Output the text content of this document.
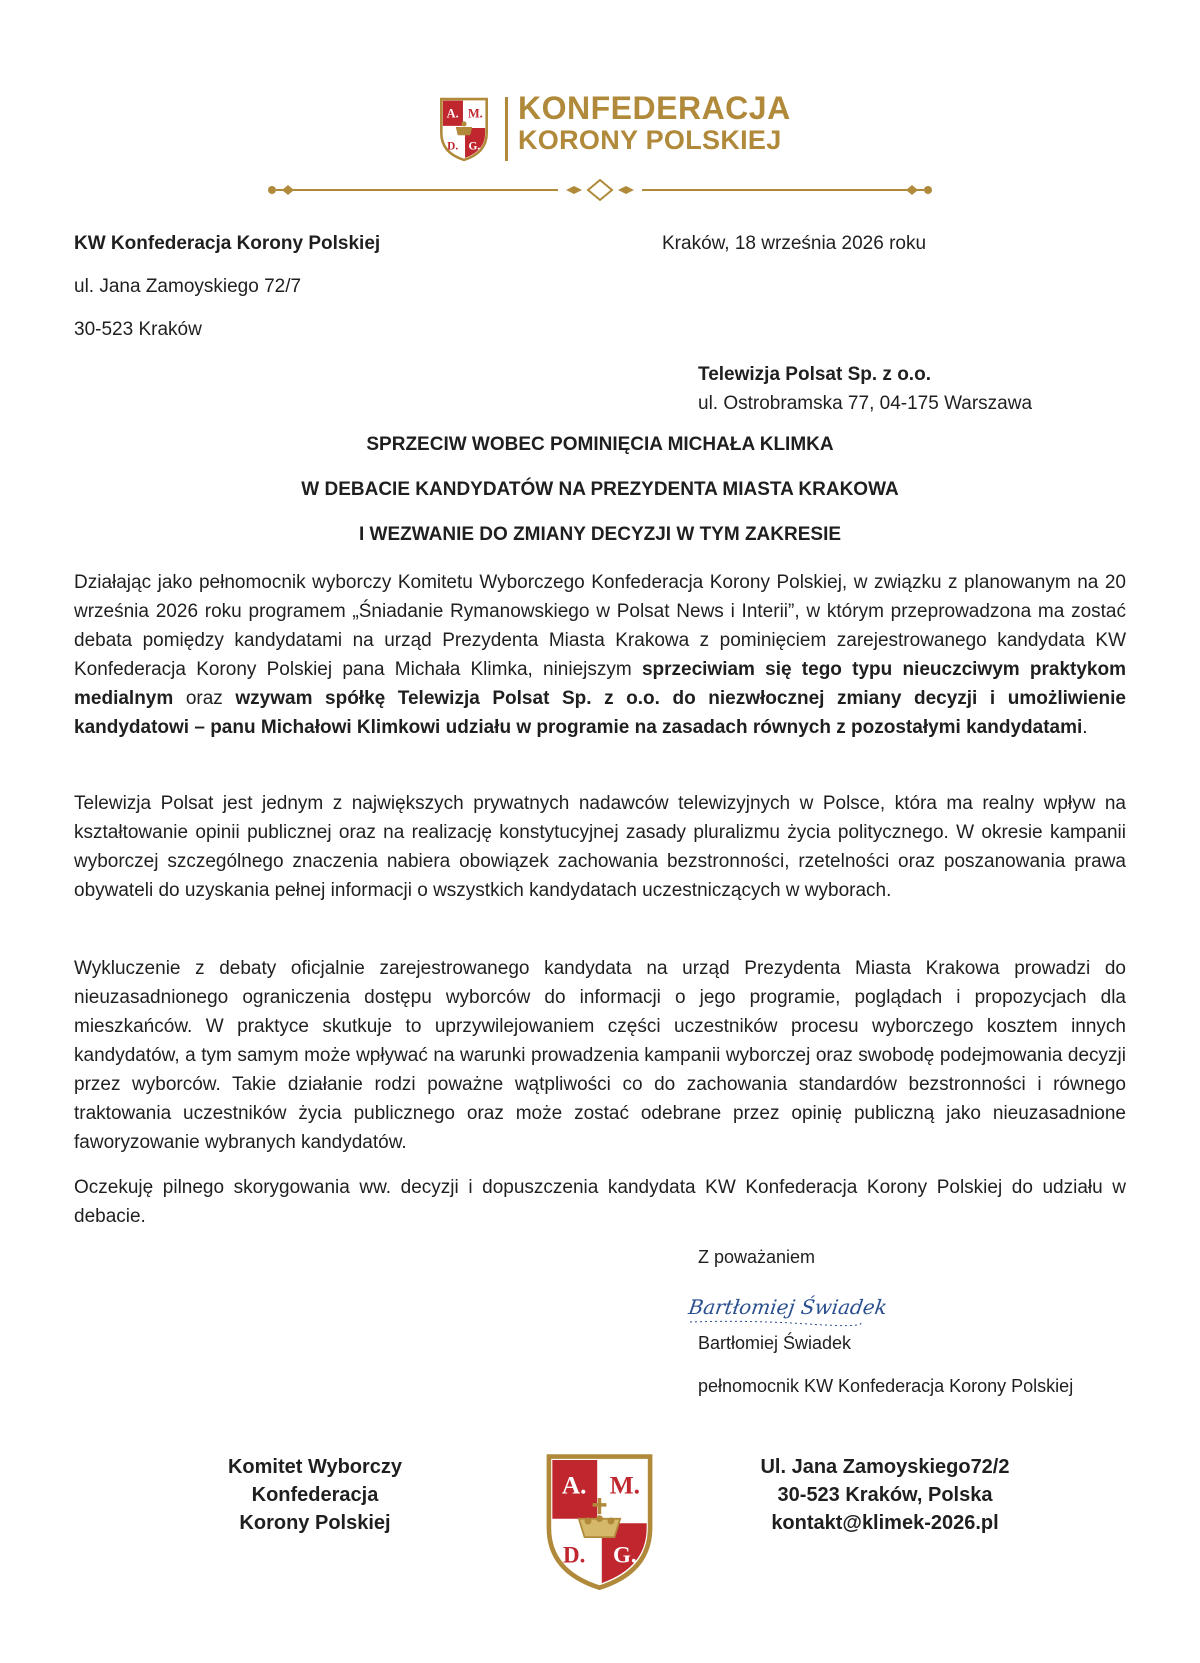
A. M.
D. G.
KONFEDERACJA
KORONY POLSKIEJ
KW Konfederacja Korony Polskiej
ul. Jana Zamoyskiego 72/7
30-523 Kraków
Kraków, 18 września 2026 roku
Telewizja Polsat Sp. z o.o.
ul. Ostrobramska 77, 04-175 Warszawa
SPRZECIW WOBEC POMINIĘCIA MICHAŁA KLIMKA
W DEBACIE KANDYDATÓW NA PREZYDENTA MIASTA KRAKOWA
I WEZWANIE DO ZMIANY DECYZJI W TYM ZAKRESIE
Działając jako pełnomocnik wyborczy Komitetu Wyborczego Konfederacja Korony Polskiej, w związku z planowanym na 20 września 2026 roku programem „Śniadanie Rymanowskiego w Polsat News i Interii”, w którym przeprowadzona ma zostać debata pomiędzy kandydatami na urząd Prezydenta Miasta Krakowa z pominięciem zarejestrowanego kandydata KW Konfederacja Korony Polskiej pana Michała Klimka, niniejszym sprzeciwiam się tego typu nieuczciwym praktykom medialnym oraz wzywam spółkę Telewizja Polsat Sp. z o.o. do niezwłocznej zmiany decyzji i umożliwienie kandydatowi – panu Michałowi Klimkowi udziału w programie na zasadach równych z pozostałymi kandydatami.
Telewizja Polsat jest jednym z największych prywatnych nadawców telewizyjnych w Polsce, która ma realny wpływ na kształtowanie opinii publicznej oraz na realizację konstytucyjnej zasady pluralizmu życia politycznego. W okresie kampanii wyborczej szczególnego znaczenia nabiera obowiązek zachowania bezstronności, rzetelności oraz poszanowania prawa obywateli do uzyskania pełnej informacji o wszystkich kandydatach uczestniczących w wyborach.
Wykluczenie z debaty oficjalnie zarejestrowanego kandydata na urząd Prezydenta Miasta Krakowa prowadzi do nieuzasadnionego ograniczenia dostępu wyborców do informacji o jego programie, poglądach i propozycjach dla mieszkańców. W praktyce skutkuje to uprzywilejowaniem części uczestników procesu wyborczego kosztem innych kandydatów, a tym samym może wpływać na warunki prowadzenia kampanii wyborczej oraz swobodę podejmowania decyzji przez wyborców. Takie działanie rodzi poważne wątpliwości co do zachowania standardów bezstronności i równego traktowania uczestników życia publicznego oraz może zostać odebrane przez opinię publiczną jako nieuzasadnione faworyzowanie wybranych kandydatów.
Oczekuję pilnego skorygowania ww. decyzji i dopuszczenia kandydata KW Konfederacja Korony Polskiej do udziału w debacie.
Z poważaniem
Bartłomiej Świadek
Bartłomiej Świadek
pełnomocnik KW Konfederacja Korony Polskiej
Komitet Wyborczy
Konfederacja
Korony Polskiej
A. M.
D. G.
Ul. Jana Zamoyskiego72/2
30-523 Kraków, Polska
kontakt@klimek-2026.pl
